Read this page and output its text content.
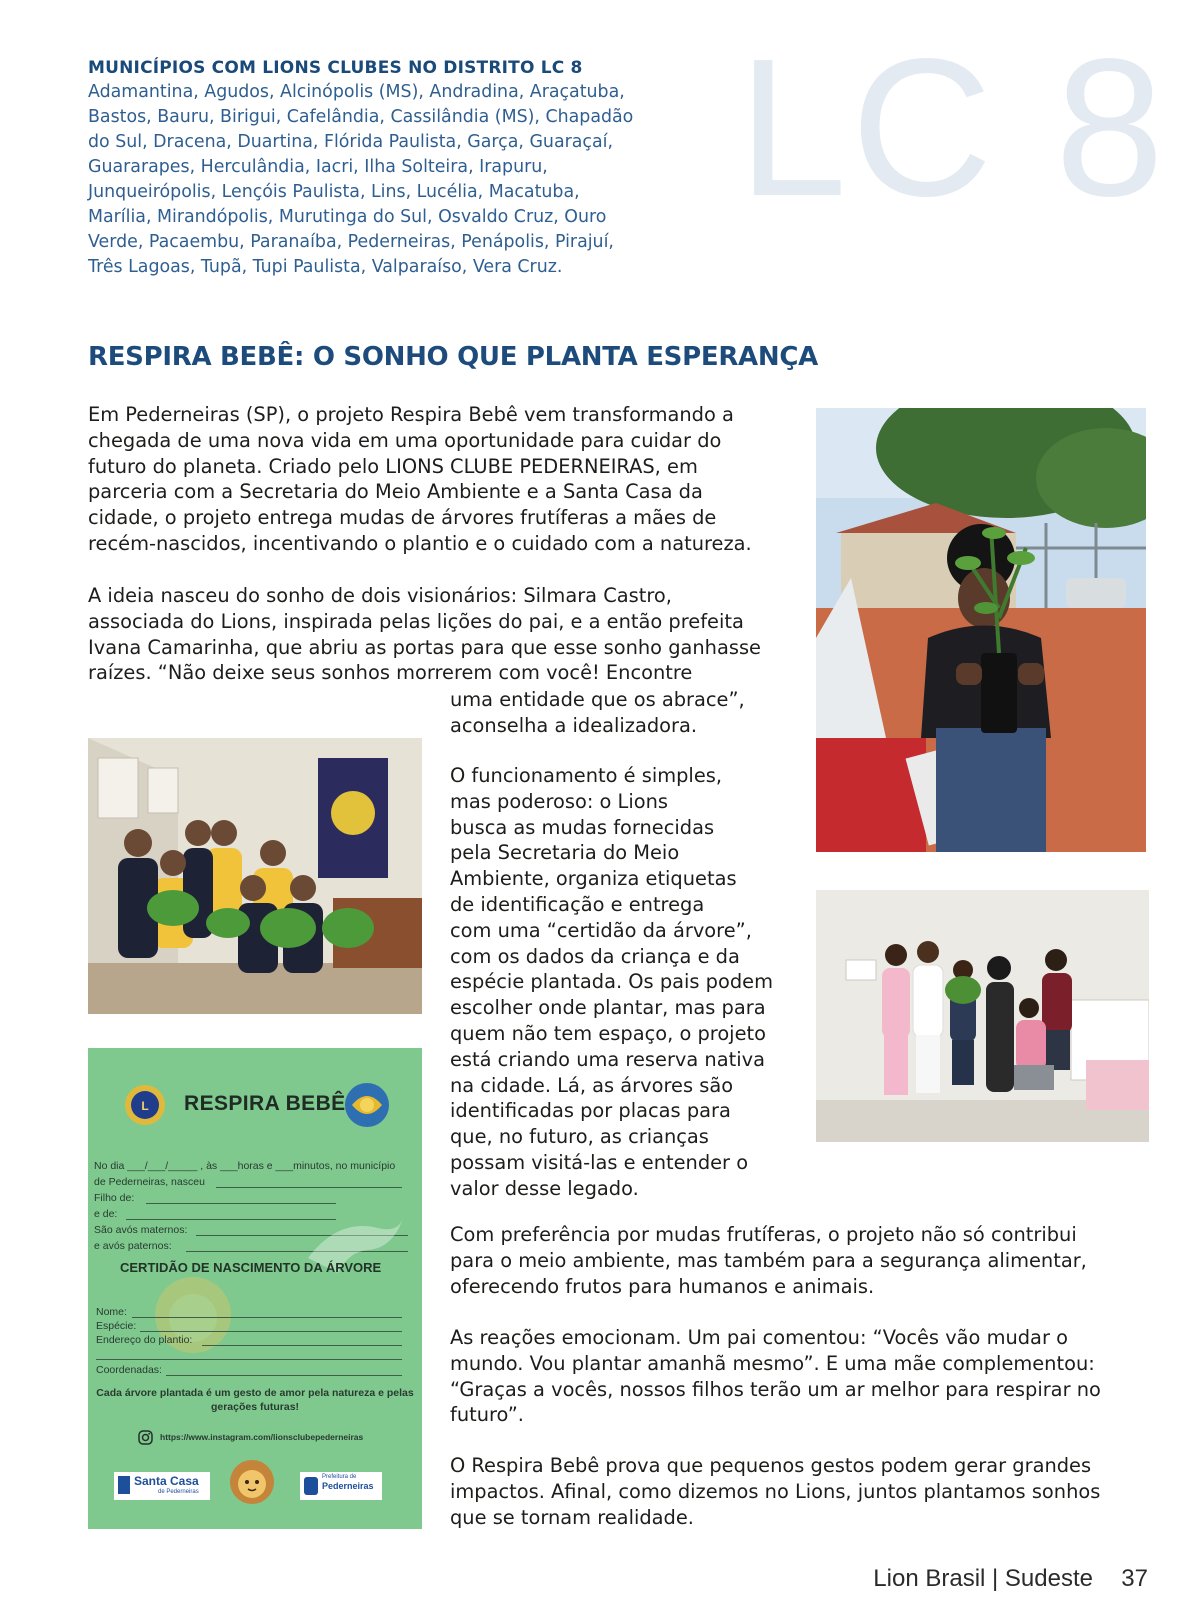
LC 8
MUNICÍPIOS COM LIONS CLUBES NO DISTRITO LC 8
Adamantina, Agudos, Alcinópolis (MS), Andradina, Araçatuba,
Bastos, Bauru, Birigui, Cafelândia, Cassilândia (MS), Chapadão
do Sul, Dracena, Duartina, Flórida Paulista, Garça, Guaraçaí,
Guararapes, Herculândia, Iacri, Ilha Solteira, Irapuru,
Junqueirópolis, Lençóis Paulista, Lins, Lucélia, Macatuba,
Marília, Mirandópolis, Murutinga do Sul, Osvaldo Cruz, Ouro
Verde, Pacaembu, Paranaíba, Pederneiras, Penápolis, Pirajuí,
Três Lagoas, Tupã, Tupi Paulista, Valparaíso, Vera Cruz.
RESPIRA BEBÊ: O SONHO QUE PLANTA ESPERANÇA
Em Pederneiras (SP), o projeto Respira Bebê vem transformando a
chegada de uma nova vida em uma oportunidade para cuidar do
futuro do planeta. Criado pelo LIONS CLUBE PEDERNEIRAS, em
parceria com a Secretaria do Meio Ambiente e a Santa Casa da
cidade, o projeto entrega mudas de árvores frutíferas a mães de
recém-nascidos, incentivando o plantio e o cuidado com a natureza.
A ideia nasceu do sonho de dois visionários: Silmara Castro,
associada do Lions, inspirada pelas lições do pai, e a então prefeita
Ivana Camarinha, que abriu as portas para que esse sonho ganhasse
raízes. “Não deixe seus sonhos morrerem com você! Encontre
uma entidade que os abrace”,
aconselha a idealizadora.
O funcionamento é simples,
mas poderoso: o Lions
busca as mudas fornecidas
pela Secretaria do Meio
Ambiente, organiza etiquetas
de identificação e entrega
com uma “certidão da árvore”,
com os dados da criança e da
espécie plantada. Os pais podem
escolher onde plantar, mas para
quem não tem espaço, o projeto
está criando uma reserva nativa
na cidade. Lá, as árvores são
identificadas por placas para
que, no futuro, as crianças
possam visitá-las e entender o
valor desse legado.
Com preferência por mudas frutíferas, o projeto não só contribui
para o meio ambiente, mas também para a segurança alimentar,
oferecendo frutos para humanos e animais.
As reações emocionam. Um pai comentou: “Vocês vão mudar o
mundo. Vou plantar amanhã mesmo”. E uma mãe complementou:
“Graças a vocês, nossos filhos terão um ar melhor para respirar no
futuro”.
O Respira Bebê prova que pequenos gestos podem gerar grandes
impactos. Afinal, como dizemos no Lions, juntos plantamos sonhos
que se tornam realidade.
L RESPIRA BEBÊ
No dia ___/___/_____ , às ___horas e ___minutos, no município
de Pederneiras, nasceu
Filho de:
e de:
São avós maternos:
e avós paternos:
CERTIDÃO DE NASCIMENTO DA ÁRVORE
Nome:
Espécie:
Endereço do plantio:
Coordenadas:
Cada árvore plantada é um gesto de amor pela natureza e pelas gerações futuras!
https://www.instagram.com/lionsclubepederneiras
Santa Casa
de Pederneiras
Prefeitura de
Pederneiras
Lion Brasil | Sudeste 37
